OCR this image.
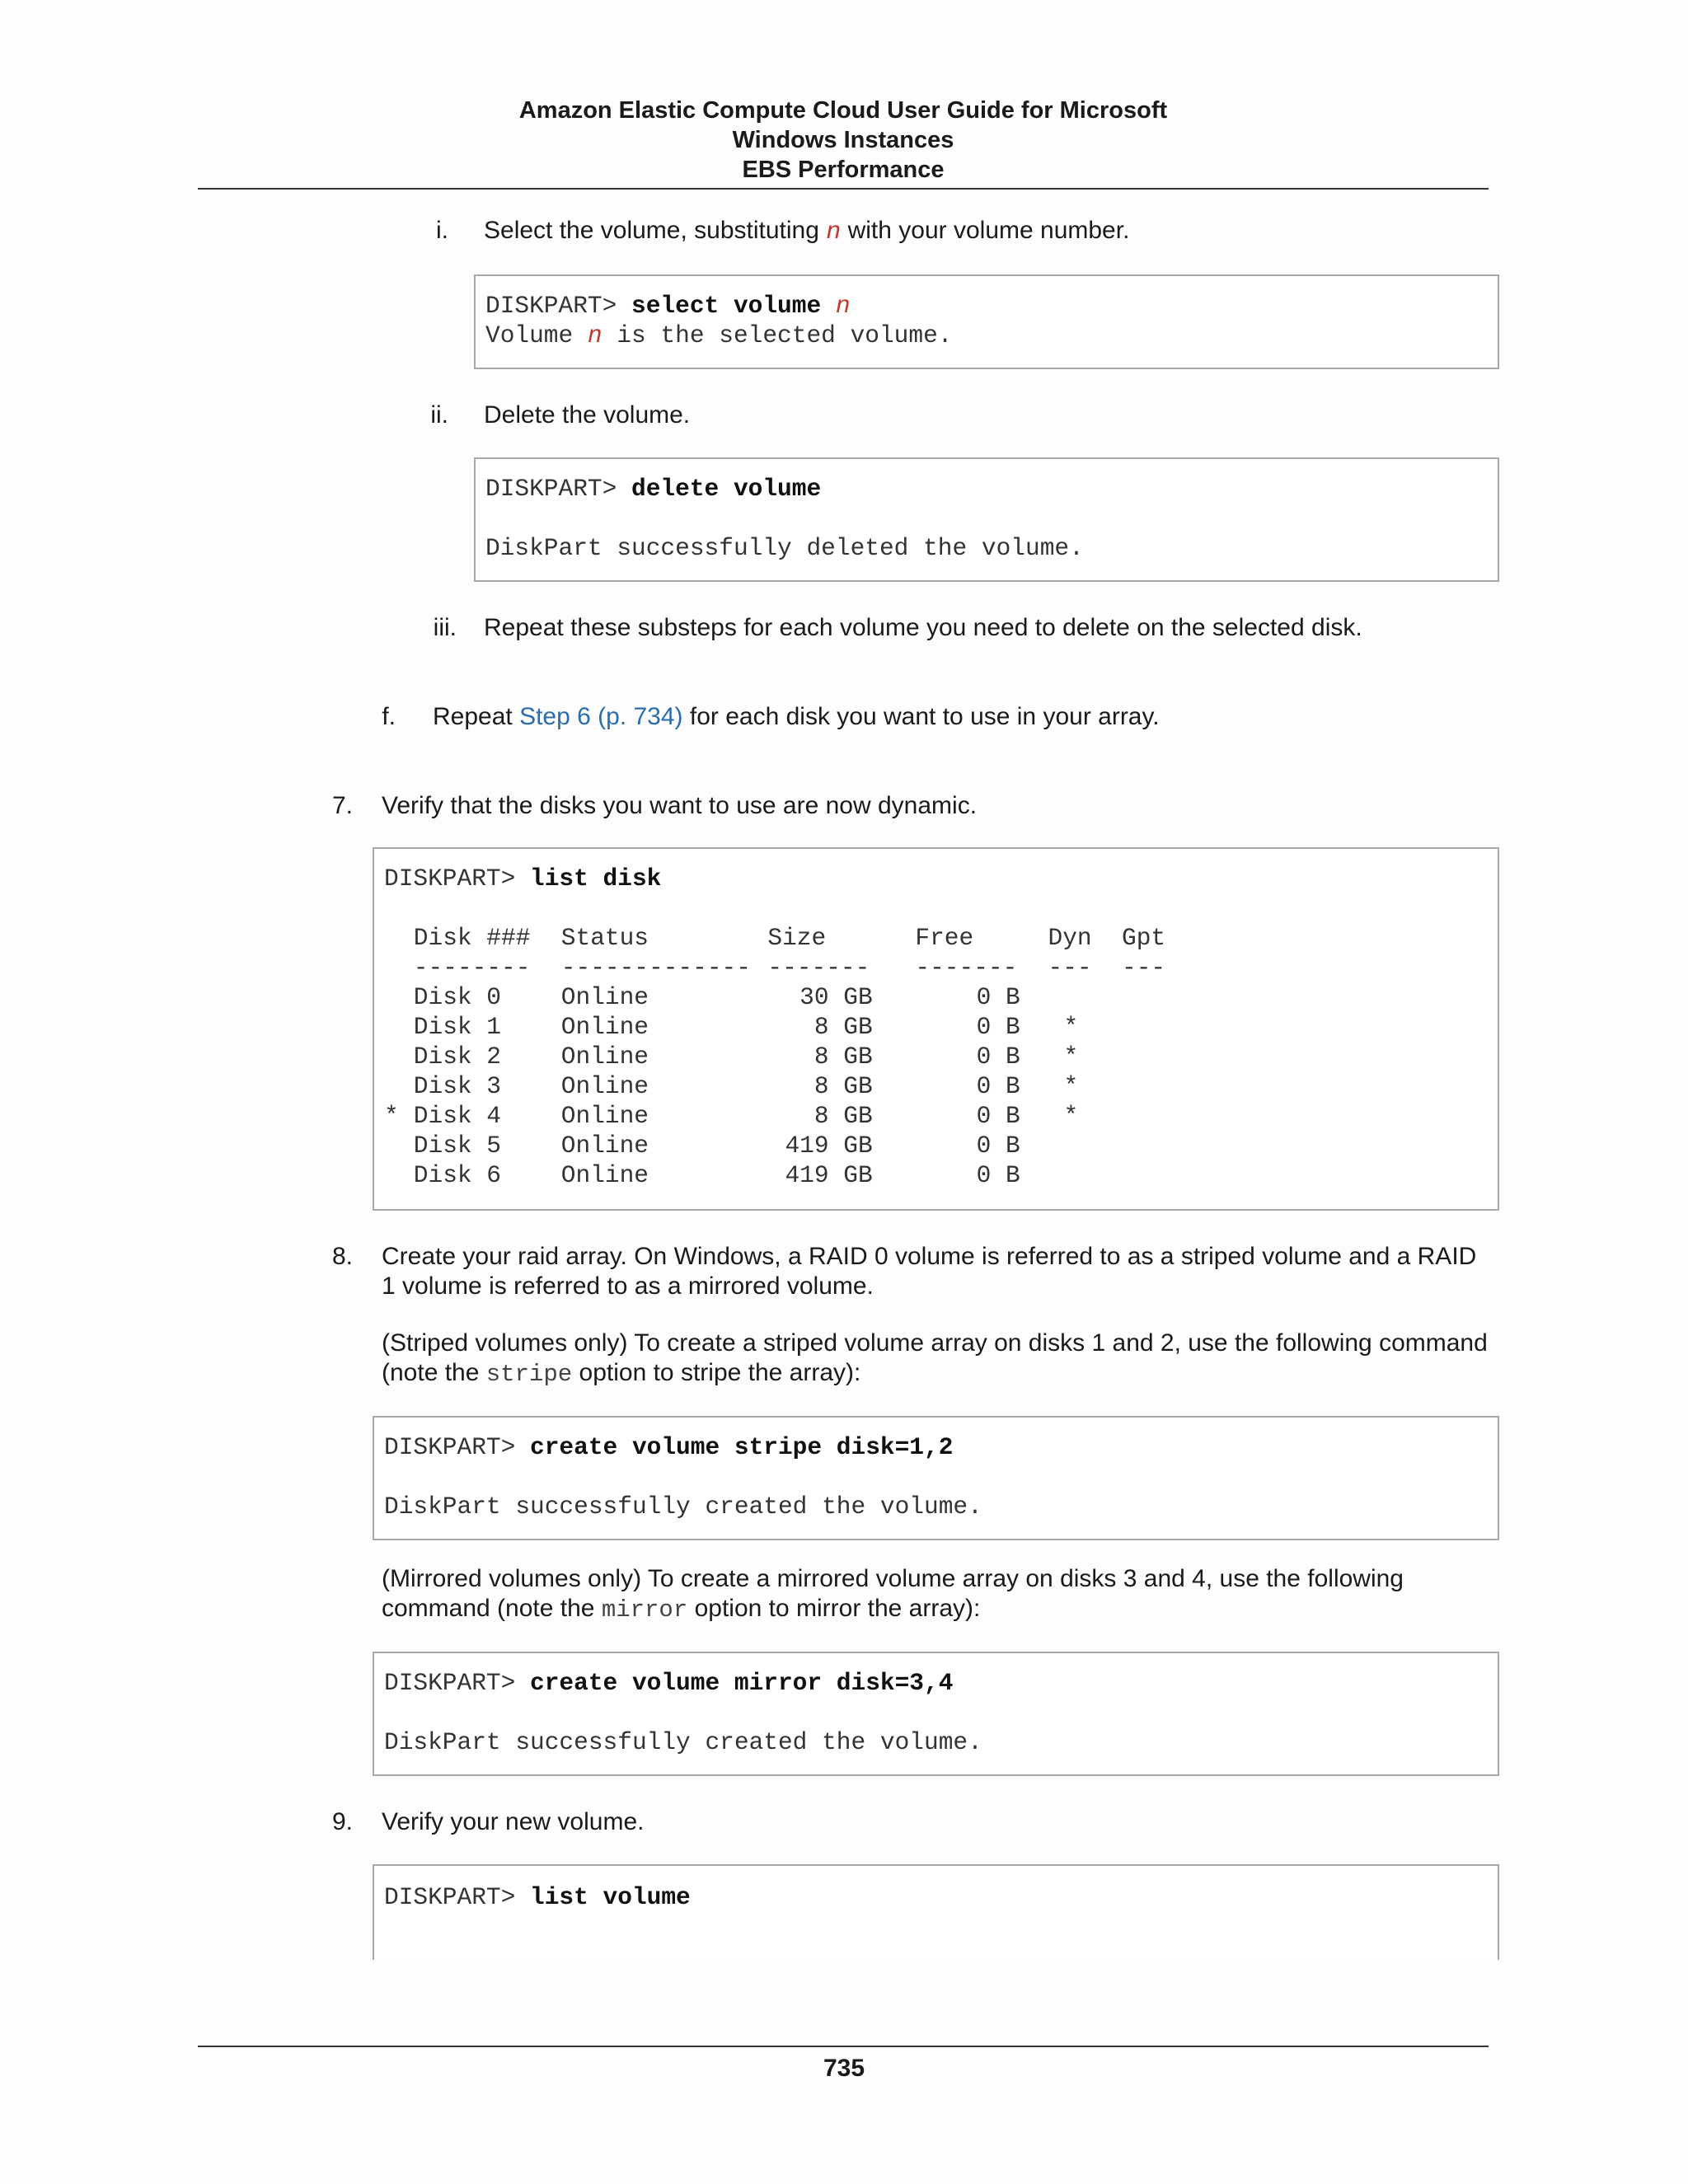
Amazon Elastic Compute Cloud User Guide for Microsoft
Windows Instances
EBS Performance
i. Select the volume, substituting n with your volume number.

DISKPART> select volume n

Volume n is the selected volume.

ii. Delete the volume.

DISKPART> delete volume

DiskPart successfully deleted the volume.

iii. Repeat these substeps for each volume you need to delete on the selected disk.
f. Repeat Step 6 (p. 734) for each disk you want to use in your array.
7. Verify that the disks you want to use are now dynamic.

DISKPART> list disk

Disk ### Status	Size	Free	Dyn Gpt
-------- ------------- ------- ------- --- ---
Disk 0	Online	30 GB	0 B
Disk 1	Online	8 GB	0 B	*
Disk 2	Online	8 GB	0 B	*
Disk 3	Online	8 GB	0 B	*
* Disk 4	Online	8 GB	0 B	*
Disk 5	Online	419 GB	0 B
Disk 6	Online	419 GB	0 B

8. Create your raid array. On Windows, a RAID 0 volume is referred to as a striped volume and a RAID
1 volume is referred to as a mirrored volume.
(Striped volumes only) To create a striped volume array on disks 1 and 2, use the following command
(note the stripe option to stripe the array):

DISKPART> create volume stripe disk=1,2

DiskPart successfully created the volume.

(Mirrored volumes only) To create a mirrored volume array on disks 3 and 4, use the following
command (note the mirror option to mirror the array):

DISKPART> create volume mirror disk=3,4

DiskPart successfully created the volume.

9. Verify your new volume.

DISKPART> list volume

735
